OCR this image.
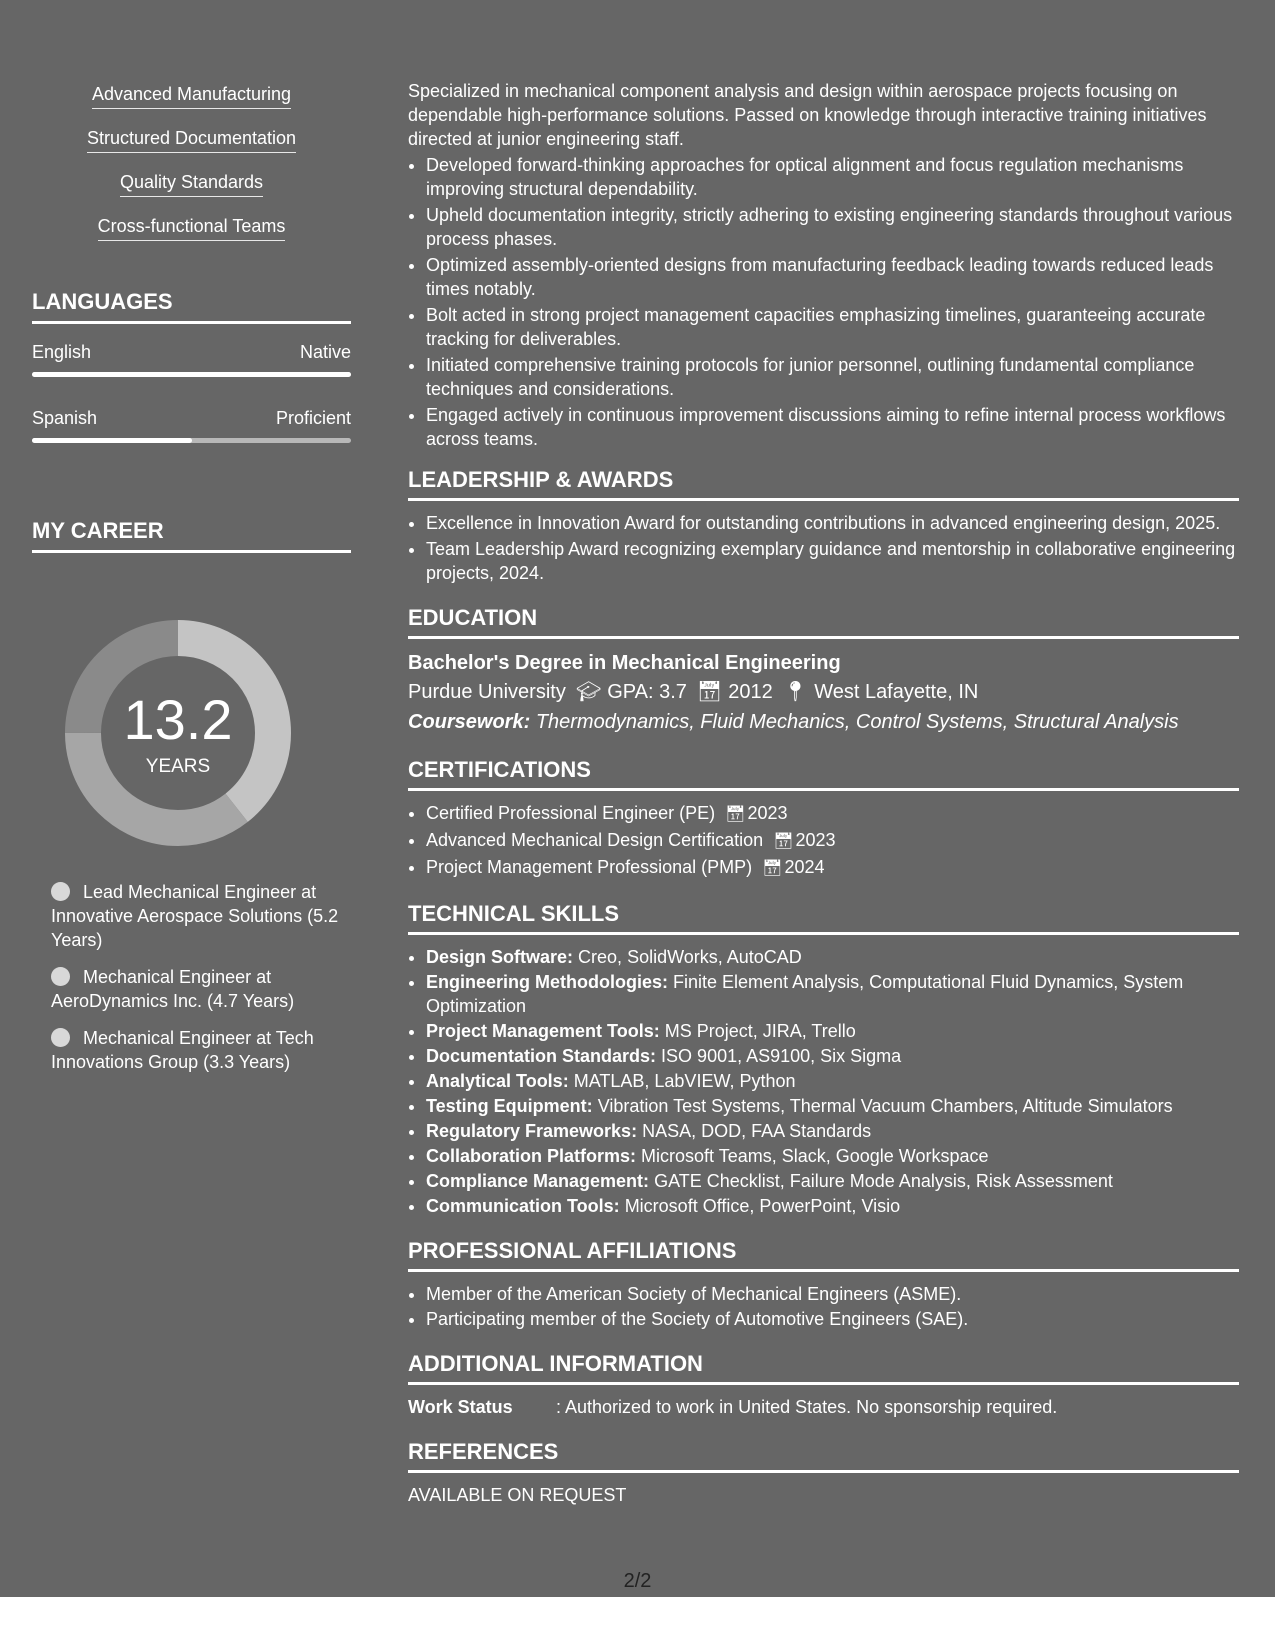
Advanced Manufacturing
Structured Documentation
Quality Standards
Cross-functional Teams
LANGUAGES
English	Native
Spanish	Proficient
MY CAREER
13.2
YEARS
Lead Mechanical Engineer at Innovative Aerospace Solutions (5.2 Years)
Mechanical Engineer at AeroDynamics Inc. (4.7 Years)
Mechanical Engineer at Tech Innovations Group (3.3 Years)

Specialized in mechanical component analysis and design within aerospace projects focusing on dependable high-performance solutions. Passed on knowledge through interactive training initiatives directed at junior engineering staff.

• Developed forward-thinking approaches for optical alignment and focus regulation mechanisms improving structural dependability.
• Upheld documentation integrity, strictly adhering to existing engineering standards throughout various process phases.
• Optimized assembly-oriented designs from manufacturing feedback leading towards reduced leads times notably.
• Bolt acted in strong project management capacities emphasizing timelines, guaranteeing accurate tracking for deliverables.
• Initiated comprehensive training protocols for junior personnel, outlining fundamental compliance techniques and considerations.
• Engaged actively in continuous improvement discussions aiming to refine internal process workflows across teams.
LEADERSHIP & AWARDS
• Excellence in Innovation Award for outstanding contributions in advanced engineering design, 2025.
• Team Leadership Award recognizing exemplary guidance and mentorship in collaborative engineering projects, 2024.
EDUCATION
Bachelor's Degree in Mechanical Engineering
Purdue University 🎓︎ GPA: 3.7 📅︎ 2012 📍︎ West Lafayette, IN
Coursework: Thermodynamics, Fluid Mechanics, Control Systems, Structural Analysis
CERTIFICATIONS
• Certified Professional Engineer (PE) 📅︎ 2023
• Advanced Mechanical Design Certification 📅︎ 2023
• Project Management Professional (PMP) 📅︎ 2024
TECHNICAL SKILLS
• Design Software: Creo, SolidWorks, AutoCAD
• Engineering Methodologies: Finite Element Analysis, Computational Fluid Dynamics, System Optimization
• Project Management Tools: MS Project, JIRA, Trello
• Documentation Standards: ISO 9001, AS9100, Six Sigma
• Analytical Tools: MATLAB, LabVIEW, Python
• Testing Equipment: Vibration Test Systems, Thermal Vacuum Chambers, Altitude Simulators
• Regulatory Frameworks: NASA, DOD, FAA Standards
• Collaboration Platforms: Microsoft Teams, Slack, Google Workspace
• Compliance Management: GATE Checklist, Failure Mode Analysis, Risk Assessment
• Communication Tools: Microsoft Office, PowerPoint, Visio
PROFESSIONAL AFFILIATIONS
• Member of the American Society of Mechanical Engineers (ASME).
• Participating member of the Society of Automotive Engineers (SAE).
ADDITIONAL INFORMATION
Work Status : Authorized to work in United States. No sponsorship required.
REFERENCES
AVAILABLE ON REQUEST
2/2
